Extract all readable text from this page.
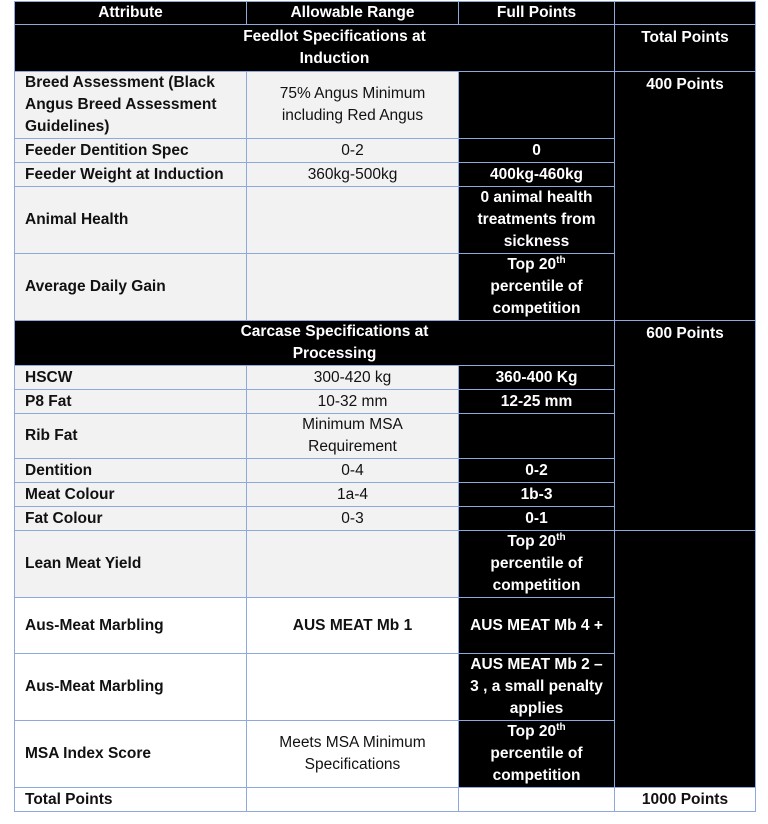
Attribute	Allowable Range	Full Points	
Feedlot Specifications at Induction			Total Points
Breed Assessment (Black Angus Breed Assessment Guidelines)	75% Angus Minimum including Red Angus		400 Points
Feeder Dentition Spec	0-2	0	
Feeder Weight at Induction	360kg-500kg	400kg-460kg	
Animal Health		0 animal health treatments from sickness	
Average Daily Gain		Top 20th percentile of competition	
Carcase Specifications at Processing			600 Points
HSCW	300-420 kg	360-400 Kg	
P8 Fat	10-32 mm	12-25 mm	
Rib Fat	Minimum MSA Requirement		
Dentition	0-4	0-2	
Meat Colour	1a-4	1b-3	
Fat Colour	0-3	0-1	
Lean Meat Yield		Top 20th percentile of competition	
Aus-Meat Marbling	AUS MEAT Mb 1	AUS MEAT Mb 4 +	
Aus-Meat Marbling		AUS MEAT Mb 2 – 3 , a small penalty applies	
MSA Index Score	Meets MSA Minimum Specifications	Top 20th percentile of competition	
Total Points			1000 Points
